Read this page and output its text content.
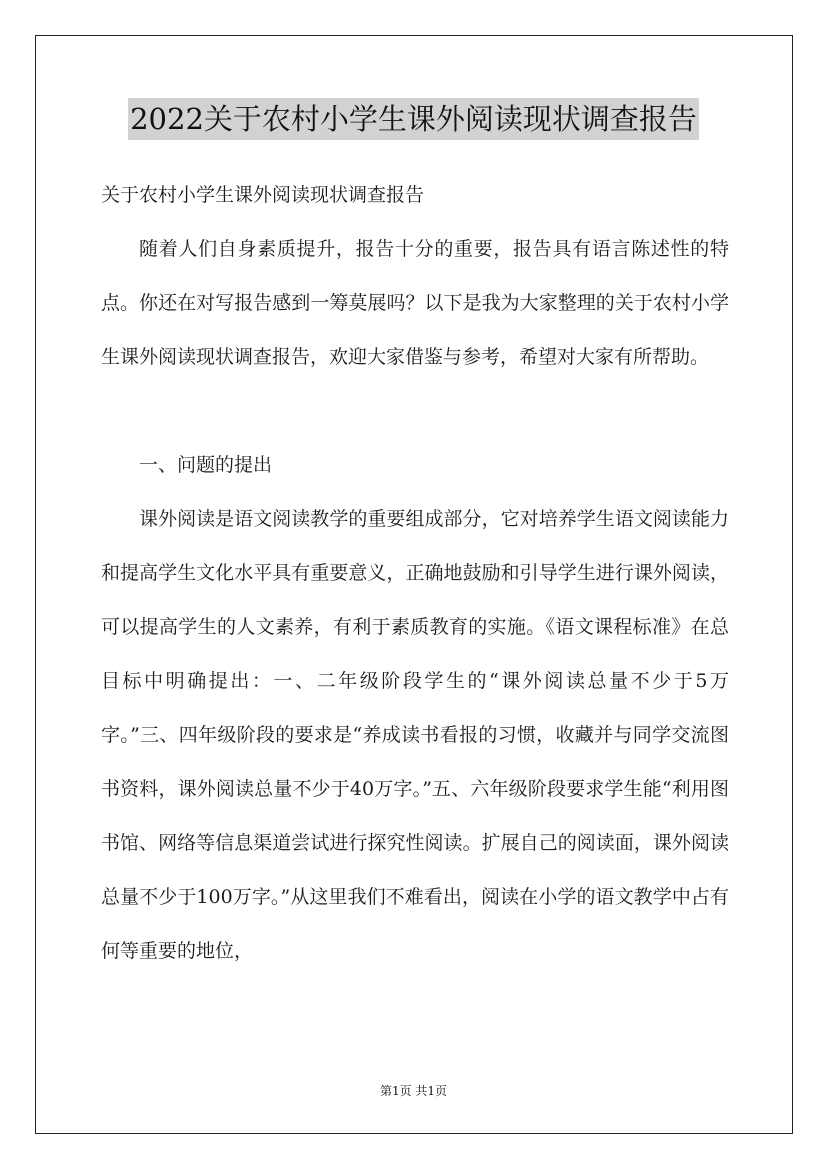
2022关于农村小学生课外阅读现状调查报告

关于农村小学生课外阅读现状调查报告

随着人们自身素质提升，报告十分的重要，报告具有语言陈述性的特点。你还在对写报告感到一筹莫展吗？以下是我为大家整理的关于农村小学生课外阅读现状调查报告，欢迎大家借鉴与参考，希望对大家有所帮助。

一、问题的提出

课外阅读是语文阅读教学的重要组成部分，它对培养学生语文阅读能力和提高学生文化水平具有重要意义，正确地鼓励和引导学生进行课外阅读，可以提高学生的人文素养，有利于素质教育的实施。《语文课程标准》在总目标中明确提出：一、二年级阶段学生的“课外阅读总量不少于5万字。”三、四年级阶段的要求是“养成读书看报的习惯，收藏并与同学交流图书资料，课外阅读总量不少于40万字。”五、六年级阶段要求学生能“利用图书馆、网络等信息渠道尝试进行探究性阅读。扩展自己的阅读面，课外阅读总量不少于100万字。”从这里我们不难看出，阅读在小学的语文教学中占有何等重要的地位，

第1页 共1页
